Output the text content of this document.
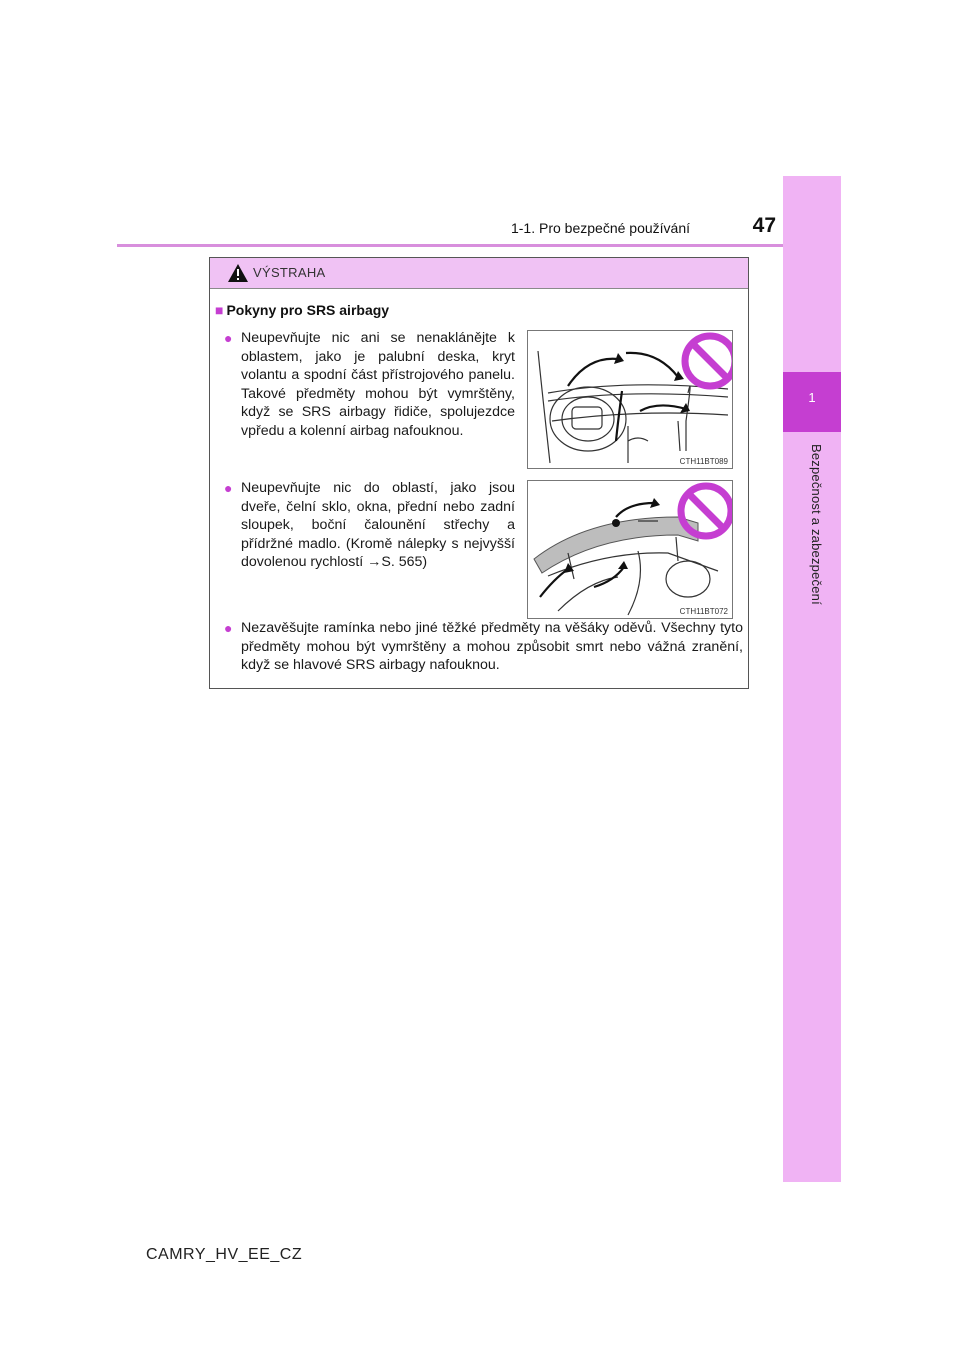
1
Bezpečnost a zabezpečení
1-1. Pro bezpečné používání	47
VÝSTRAHA
■ Pokyny pro SRS airbagy
● Neupevňujte nic ani se nenaklánějte k oblastem, jako je palubní deska, kryt volantu a spodní část přístrojového panelu. Takové předměty mohou být vymrštěny, když se SRS airbagy řidiče, spolujezdce vpředu a kolenní airbag nafouknou.
CTH11BT089
● Neupevňujte nic do oblastí, jako jsou dveře, čelní sklo, okna, přední nebo zadní sloupek, boční čalounění střechy a přídržné madlo. (Kromě nálepky s nejvyšší dovolenou rychlostí →S. 565)
CTH11BT072
● Nezavěšujte ramínka nebo jiné těžké předměty na věšáky oděvů. Všechny tyto předměty mohou být vymrštěny a mohou způsobit smrt nebo vážná zranění, když se hlavové SRS airbagy nafouknou.
CAMRY_HV_EE_CZ
